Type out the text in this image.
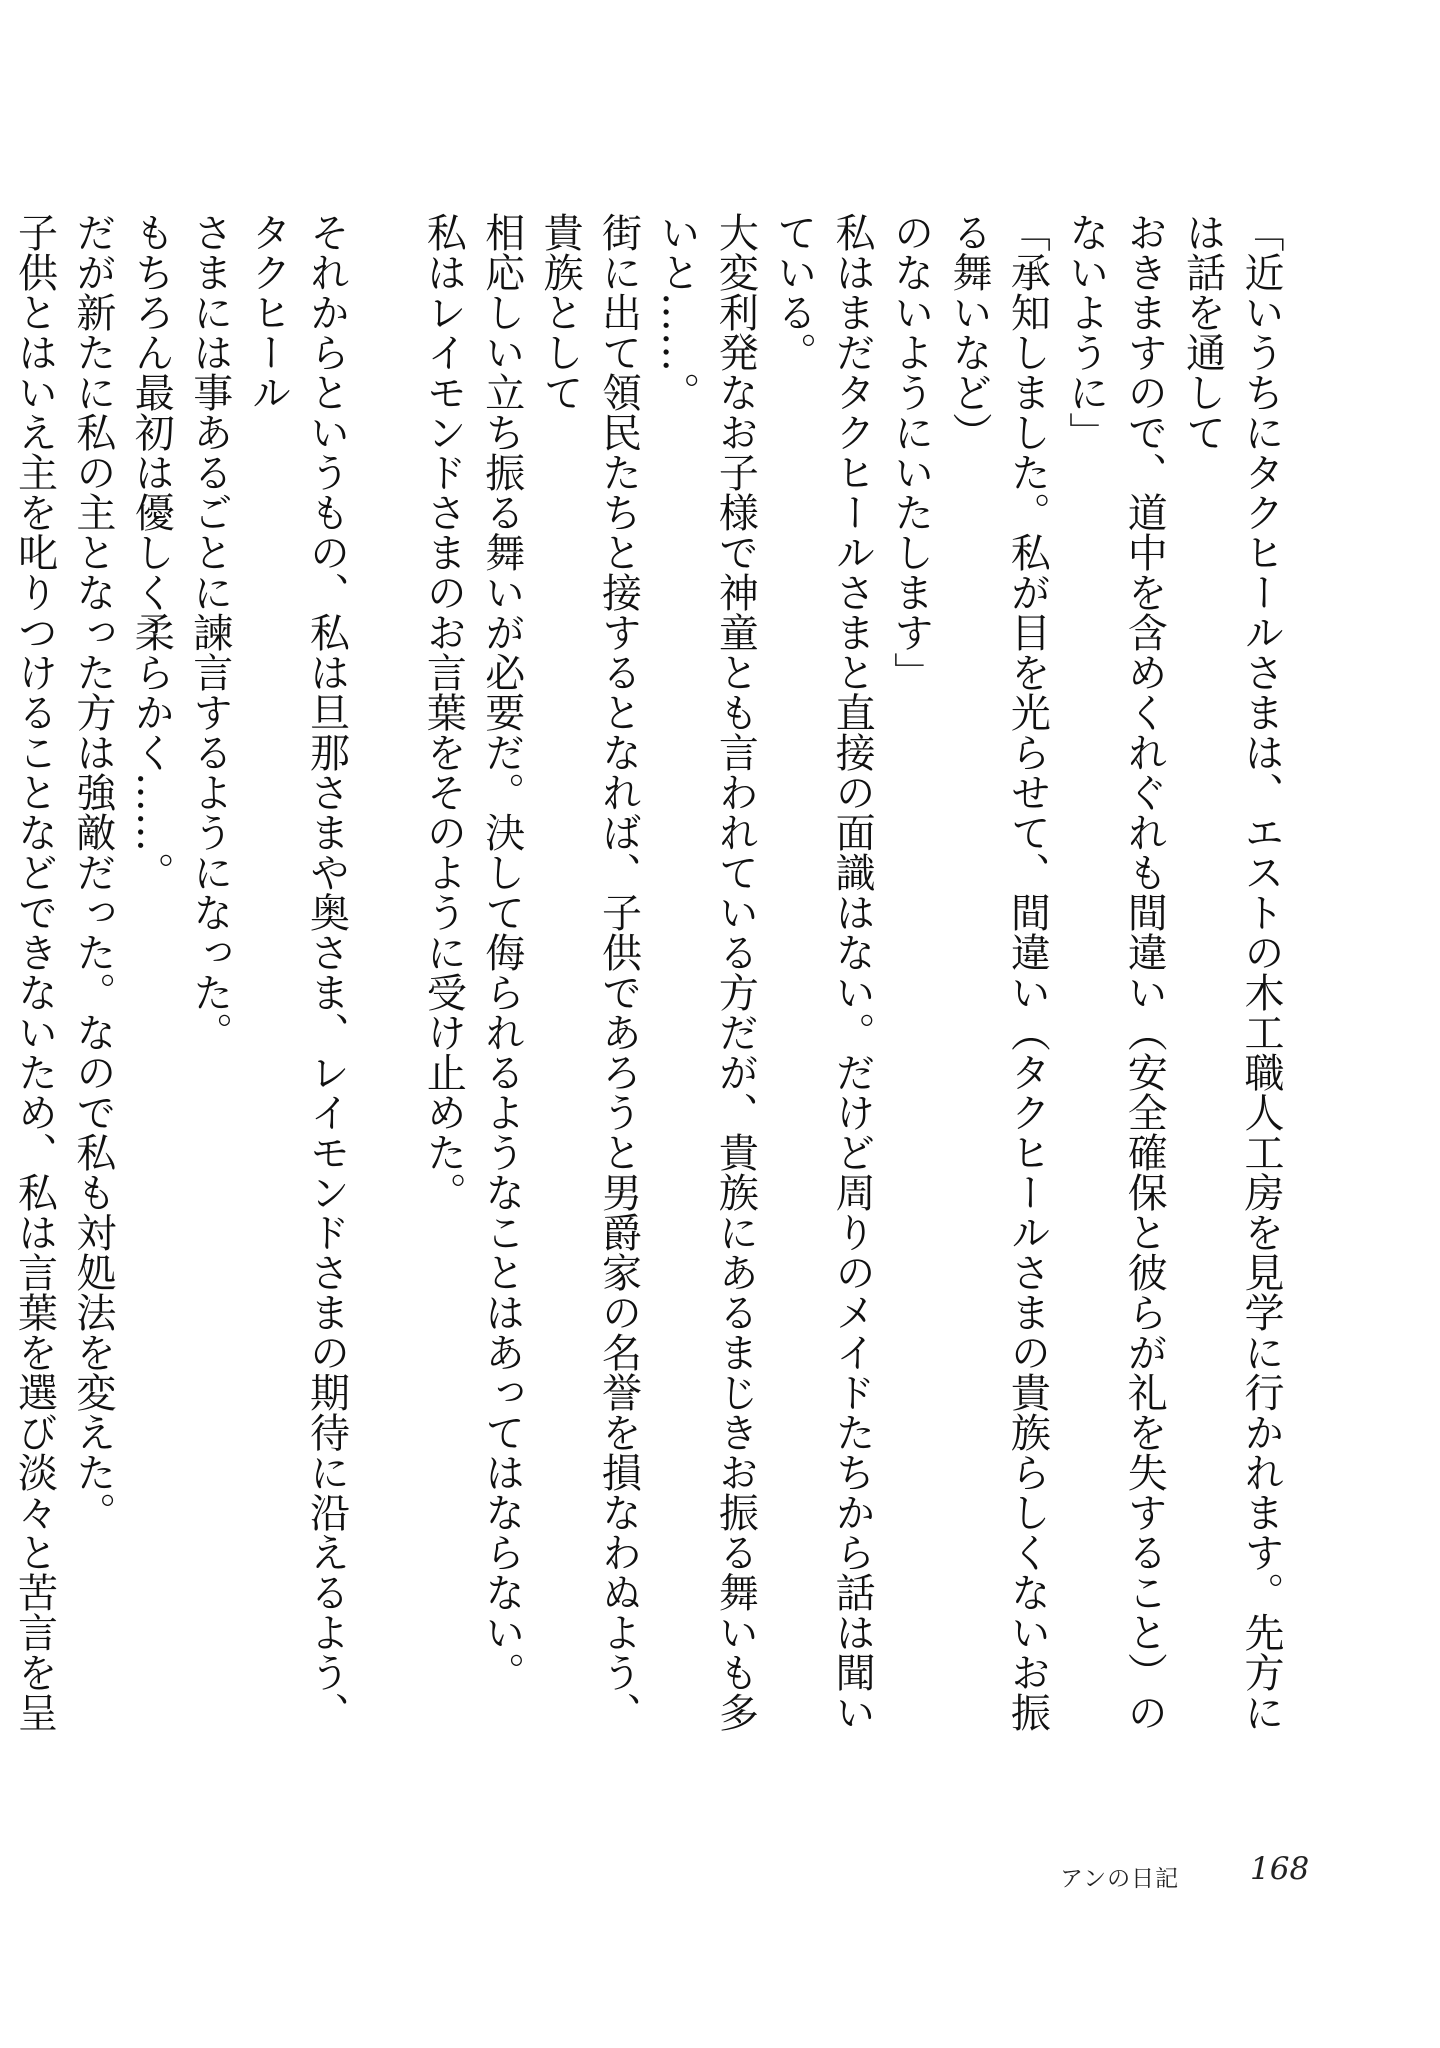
「近いうちにタクヒールさまは、エストの木工職人工房を見学に行かれます。先方には話を通して

おきますので、道中を含めくれぐれも間違い（安全確保と彼らが礼を失すること）のないように」

「承知しました。私が目を光らせて、間違い（タクヒールさまの貴族らしくないお振る舞いなど）

のないようにいたします」

私はまだタクヒールさまと直接の面識はない。だけど周りのメイドたちから話は聞いている。

大変利発なお子様で神童とも言われている方だが、貴族にあるまじきお振る舞いも多いと……。

街に出て領民たちと接するとなれば、子供であろうと男爵家の名誉を損なわぬよう、貴族として

相応しい立ち振る舞いが必要だ。決して侮られるようなことはあってはならない。

私はレイモンドさまのお言葉をそのように受け止めた。

それからというもの、私は旦那さまや奥さま、レイモンドさまの期待に沿えるよう、タクヒール

さまには事あるごとに諫言するようになった。

もちろん最初は優しく柔らかく……。

だが新たに私の主となった方は強敵だった。なので私も対処法を変えた。

子供とはいえ主を叱りつけることなどできないため、私は言葉を選び淡々と苦言を呈

アンの日記 168
